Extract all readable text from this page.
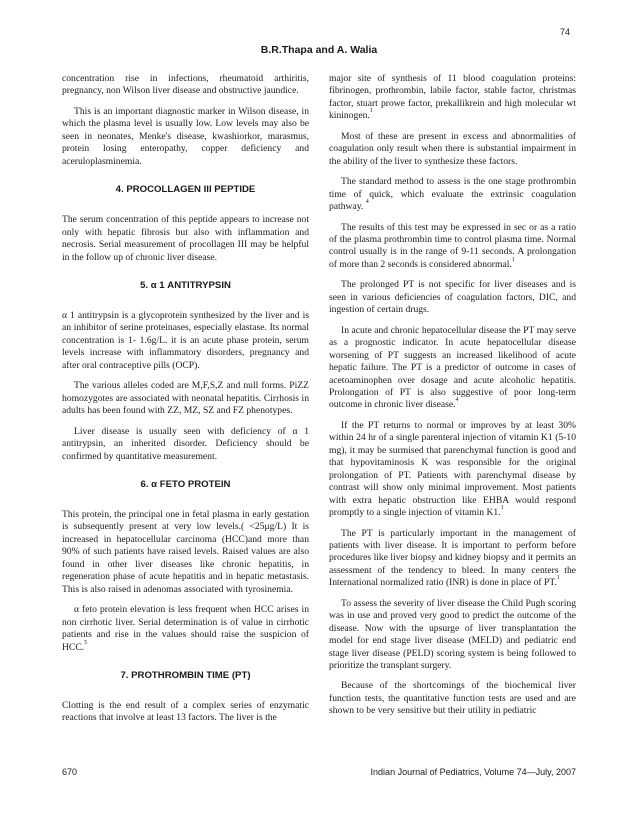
74
B.R.Thapa and A. Walia

concentration rise in infections, rheumatoid arthiritis, pregnancy, non Wilson liver disease and obstructive jaundice.

This is an important diagnostic marker in Wilson disease, in which the plasma level is usually low. Low levels may also be seen in neonates, Menke's disease, kwashiorkor, marasmus, protein losing enteropathy, copper deficiency and aceruloplasminemia.

4. PROCOLLAGEN III PEPTIDE

The serum concentration of this peptide appears to increase not only with hepatic fibrosis but also with inflammation and necrosis. Serial measurement of procollagen III may be helpful in the follow up of chronic liver disease.

5. α 1 ANTITRYPSIN

α 1 antitrypsin is a glycoprotein synthesized by the liver and is an inhibitor of serine proteinases, especially elastase. Its normal concentration is 1- 1.6g/L. it is an acute phase protein, serum levels increase with inflammatory disorders, pregnancy and after oral contraceptive pills (OCP).

The various alleles coded are M,F,S,Z and null forms. PiZZ homozygotes are associated with neonatal hepatitis. Cirrhosis in adults has been found with ZZ, MZ, SZ and FZ phenotypes.

Liver disease is usually seen with deficiency of α 1 antitrypsin, an inherited disorder. Deficiency should be confirmed by quantitative measurement.

6. α FETO PROTEIN

This protein, the principal one in fetal plasma in early gestation is subsequently present at very low levels.( <25μg/L) It is increased in hepatocellular carcinoma (HCC)and more than 90% of such patients have raised levels. Raised values are also found in other liver diseases like chronic hepatitis, in regeneration phase of acute hepatitis and in hepatic metastasis. This is also raised in adenomas associated with tyrosinemia.

α feto protein elevation is less frequent when HCC arises in non cirrhotic liver. Serial determination is of value in cirrhotic patients and rise in the values should raise the suspicion of HCC.$^5$

7. PROTHROMBIN TIME (PT)

Clotting is the end result of a complex series of enzymatic reactions that involve at least 13 factors. The liver is the

major site of synthesis of 11 blood coagulation proteins: fibrinogen, prothrombin, labile factor, stable factor, christmas factor, stuart prowe factor, prekallikrein and high molecular wt kininogen.$^1$

Most of these are present in excess and abnormalities of coagulation only result when there is substantial impairment in the ability of the liver to synthesize these factors.

The standard method to assess is the one stage prothrombin time of quick, which evaluate the extrinsic coagulation pathway. $^4$

The results of this test may be expressed in sec or as a ratio of the plasma prothrombin time to control plasma time. Normal control usually is in the range of 9-11 seconds. A prolongation of more than 2 seconds is considered abnormal.$^1$

The prolonged PT is not specific for liver diseases and is seen in various deficiencies of coagulation factors, DIC, and ingestion of certain drugs.

In acute and chronic hepatocellular disease the PT may serve as a prognostic indicator. In acute hepatocellular disease worsening of PT suggests an increased likelihood of acute hepatic failure. The PT is a predictor of outcome in cases of acetoaminophen over dosage and acute alcoholic hepatitis. Prolongation of PT is also suggestive of poor long-term outcome in chronic liver disease.$^4$

If the PT returns to normal or improves by at least 30% within 24 hr of a single parenteral injection of vitamin K1 (5-10 mg), it may be surmised that parenchymal function is good and that hypovitaminosis K was responsible for the original prolongation of PT. Patients with parenchymal disease by contrast will show only minimal improvement. Most patients with extra hepatic obstruction like EHBA would respond promptly to a single injection of vitamin K1.$^1$

The PT is particularly important in the management of patients with liver disease. It is important to perform before procedures like liver biopsy and kidney biopsy and it permits an assessment of the tendency to bleed. In many centers the International normalized ratio (INR) is done in place of PT.$^1$

To assess the severity of liver disease the Child Pugh scoring was in use and proved very good to predict the outcome of the disease. Now with the upsurge of liver transplantation the model for end stage liver disease (MELD) and pediatric end stage liver disease (PELD) scoring system is being followed to prioritize the transplant surgery.

Because of the shortcomings of the biochemical liver function tests, the quantitative function tests are used and are shown to be very sensitive but their utility in pediatric

670	Indian Journal of Pediatrics, Volume 74—July, 2007
